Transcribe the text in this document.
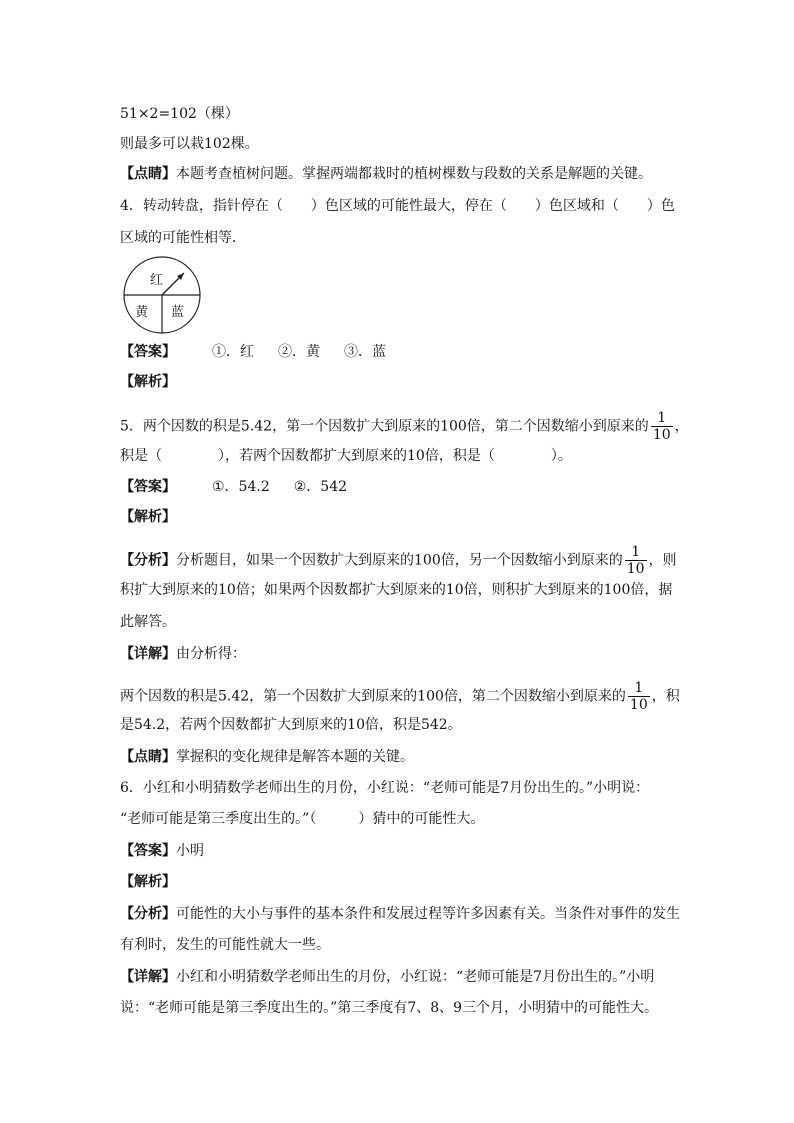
51×2=102（棵）
则最多可以栽102棵。
【点睛】本题考查植树问题。掌握两端都栽时的植树棵数与段数的关系是解题的关键。
4．转动转盘，指针停在（　　）色区域的可能性最大，停在（　　）色区域和（　　）色
区域的可能性相等．
红
黄 蓝
【答案】	①．红 ②．黄 ③．蓝
【解析】
5．两个因数的积是5.42，第一个因数扩大到原来的100倍，第二个因数缩小到原来的 $\frac{1}{10}$ ，
积是（　　　　），若两个因数都扩大到原来的10倍，积是（　　　　）。
【答案】	①．54.2 ②．542
【解析】
【分析】分析题目，如果一个因数扩大到原来的100倍，另一个因数缩小到原来的 $\frac{1}{10}$ ，则
积扩大到原来的10倍；如果两个因数都扩大到原来的10倍，则积扩大到原来的100倍，据
此解答。
【详解】由分析得：
两个因数的积是5.42，第一个因数扩大到原来的100倍，第二个因数缩小到原来的 $\frac{1}{10}$ ，积
是54.2，若两个因数都扩大到原来的10倍，积是542。
【点睛】掌握积的变化规律是解答本题的关键。
6．小红和小明猜数学老师出生的月份，小红说：“老师可能是7月份出生的。”小明说：
“老师可能是第三季度出生的。”（　　　）猜中的可能性大。
【答案】小明
【解析】
【分析】可能性的大小与事件的基本条件和发展过程等许多因素有关。当条件对事件的发生
有利时，发生的可能性就大一些。
【详解】小红和小明猜数学老师出生的月份，小红说：“老师可能是7月份出生的。”小明
说：“老师可能是第三季度出生的。”第三季度有7、8、9三个月，小明猜中的可能性大。
